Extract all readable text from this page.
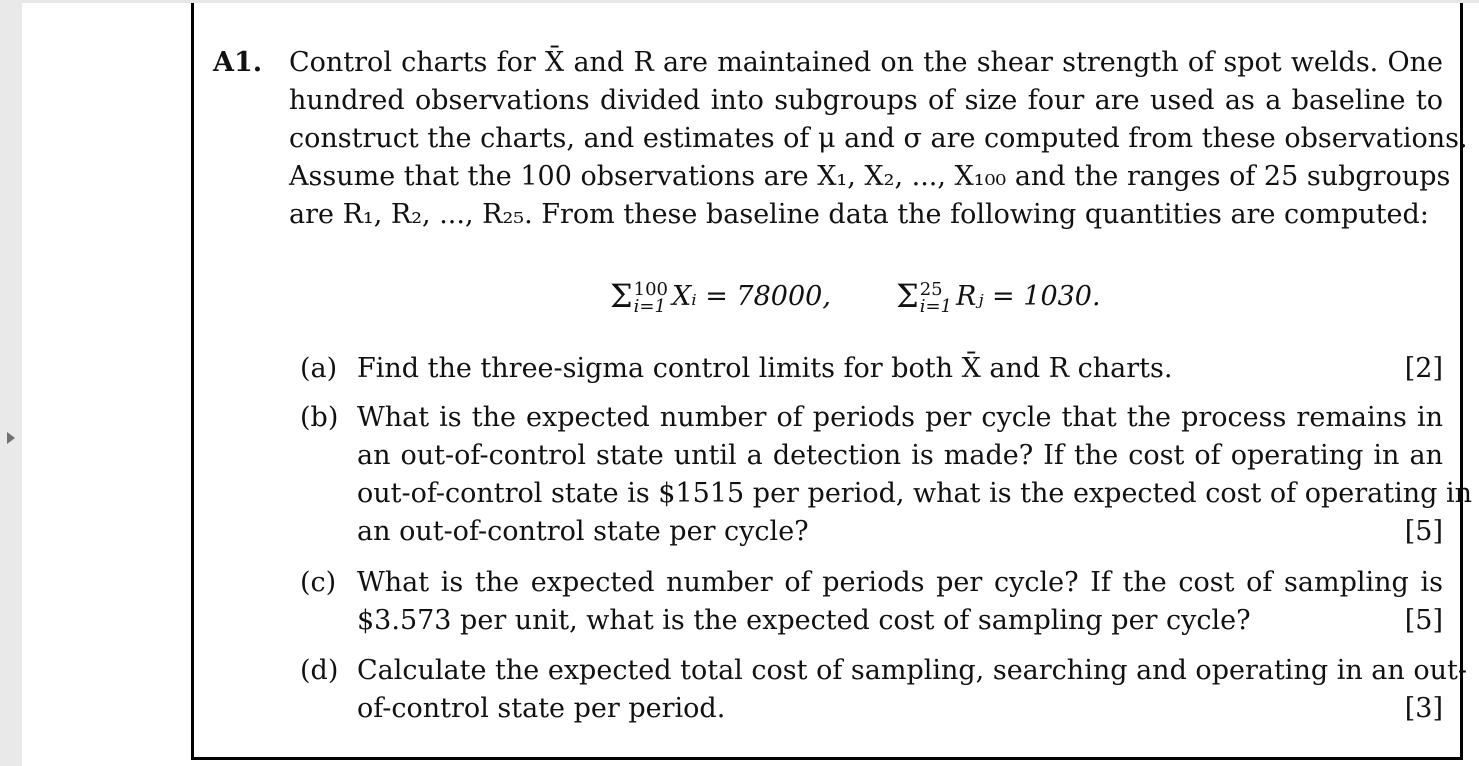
A1. Control charts for X̄ and R are maintained on the shear strength of spot welds. One
hundred observations divided into subgroups of size four are used as a baseline to
construct the charts, and estimates of μ and σ are computed from these observations.
Assume that the 100 observations are X₁, X₂, ..., X₁₀₀ and the ranges of 25 subgroups
are R₁, R₂, ..., R₂₅. From these baseline data the following quantities are computed:
Σ 100
i=1 Xᵢ = 78000, Σ 25
i=1 Rⱼ = 1030.
(a) Find the three-sigma control limits for both X̄ and R charts.	[2]
(b) What is the expected number of periods per cycle that the process remains in
an out-of-control state until a detection is made? If the cost of operating in an
out-of-control state is $1515 per period, what is the expected cost of operating in
an out-of-control state per cycle?	[5]
(c) What is the expected number of periods per cycle? If the cost of sampling is
$3.573 per unit, what is the expected cost of sampling per cycle?	[5]
(d) Calculate the expected total cost of sampling, searching and operating in an out-
of-control state per period.	[3]
